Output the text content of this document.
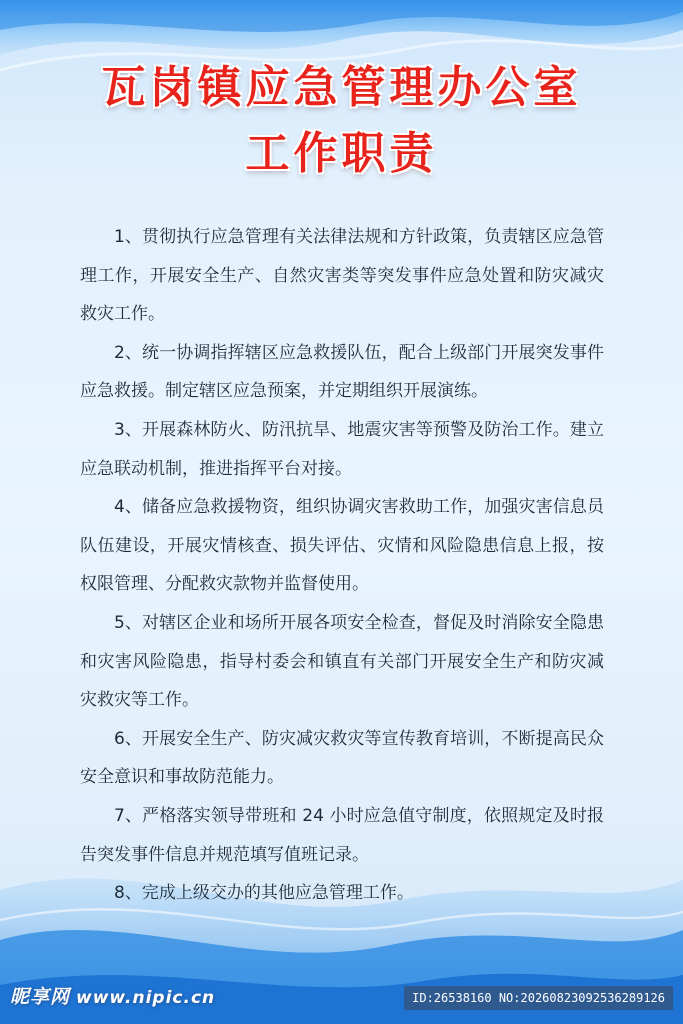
瓦岗镇应急管理办公室
工作职责

1、贯彻执行应急管理有关法律法规和方针政策，负责辖区应急管理工作，开展安全生产、自然灾害类等突发事件应急处置和防灾减灾救灾工作。

2、统一协调指挥辖区应急救援队伍，配合上级部门开展突发事件应急救援。制定辖区应急预案，并定期组织开展演练。

3、开展森林防火、防汛抗旱、地震灾害等预警及防治工作。建立应急联动机制，推进指挥平台对接。

4、储备应急救援物资，组织协调灾害救助工作，加强灾害信息员队伍建设，开展灾情核查、损失评估、灾情和风险隐患信息上报，按权限管理、分配救灾款物并监督使用。

5、对辖区企业和场所开展各项安全检查，督促及时消除安全隐患和灾害风险隐患，指导村委会和镇直有关部门开展安全生产和防灾减灾救灾等工作。

6、开展安全生产、防灾减灾救灾等宣传教育培训，不断提高民众安全意识和事故防范能力。

7、严格落实领导带班和 24 小时应急值守制度，依照规定及时报告突发事件信息并规范填写值班记录。

8、完成上级交办的其他应急管理工作。

昵享网 www.nipic.cn	ID:26538160 NO:20260823092536289126
